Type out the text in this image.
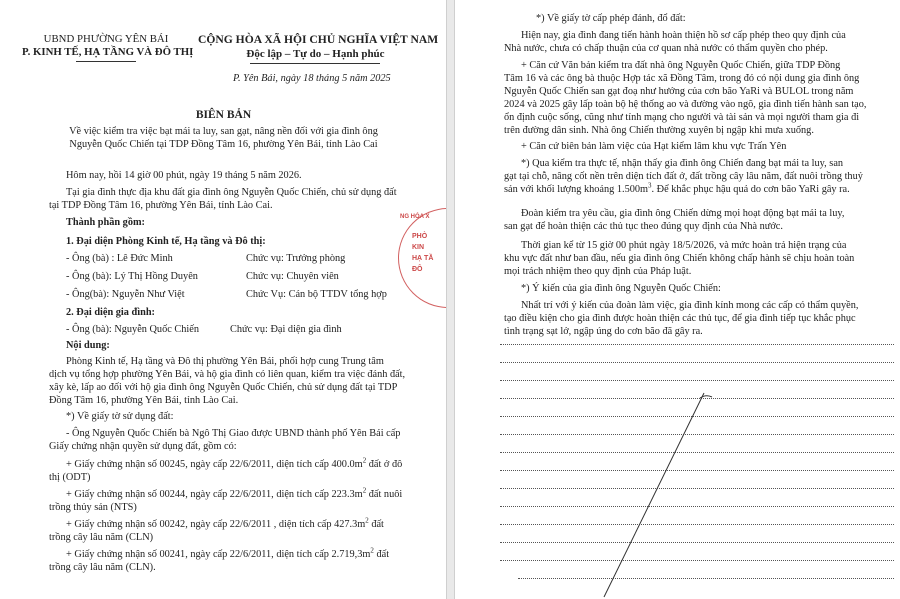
UBND PHƯỜNG YÊN BÁI
P. KINH TẾ, HẠ TẦNG VÀ ĐÔ THỊ
CỘNG HÒA XÃ HỘI CHỦ NGHĨA VIỆT NAM
Độc lập – Tự do – Hạnh phúc
P. Yên Bái, ngày 18 tháng 5 năm 2025
BIÊN BẢN
Về việc kiểm tra việc bạt mái ta luy, san gạt, nâng nền đối với gia đình ông
Nguyễn Quốc Chiến tại TDP Đồng Tâm 16, phường Yên Bái, tỉnh Lào Cai
Hôm nay, hồi 14 giờ 00 phút, ngày 19 tháng 5 năm 2026.
Tại gia đình thực địa khu đất gia đình ông Nguyễn Quốc Chiến, chủ sử dụng đất
tại TDP Đồng Tâm 16, phường Yên Bái, tỉnh Lào Cai.
Thành phần gồm:
1. Đại diện Phòng Kinh tế, Hạ tầng và Đô thị:
- Ông (bà) : Lê Đức Minh	Chức vụ: Trưởng phòng
- Ông (bà): Lý Thị Hồng Duyên	Chức vụ: Chuyên viên
- Ông(bà): Nguyễn Như Việt	Chức Vụ: Cán bộ TTDV tổng hợp
2. Đại diện gia đình:
- Ông (bà): Nguyễn Quốc Chiến	Chức vụ: Đại diện gia đình
Nội dung:
Phòng Kinh tế, Hạ tầng và Đô thị phường Yên Bái, phối hợp cung Trung tâm
dịch vụ tổng hợp phường Yên Bái, và hộ gia đình có liên quan, kiểm tra việc đánh đất,
xây kè, lấp ao đối với hộ gia đình ông Nguyễn Quốc Chiến, chủ sử dụng đất tại TDP
Đồng Tâm 16, phường Yên Bái, tỉnh Lào Cai.
*) Về giấy tờ sử dụng đất:
- Ông Nguyễn Quốc Chiến bà Ngô Thị Giao được UBND thành phố Yên Bái cấp
Giấy chứng nhận quyền sử dụng đất, gồm có:
+ Giấy chứng nhận số 00245, ngày cấp 22/6/2011, diện tích cấp $400.0m^2$ đất ở đô
thị (ODT)
+ Giấy chứng nhận số 00244, ngày cấp 22/6/2011, diện tích cấp $223.3m^2$ đất nuôi
trồng thủy sản (NTS)
+ Giấy chứng nhận số 00242, ngày cấp 22/6/2011 , diện tích cấp $427.3m^2$ đất
trồng cây lâu năm (CLN)
+ Giấy chứng nhận số 00241, ngày cấp 22/6/2011, diện tích cấp $2.719,3m^2$ đất
trồng cây lâu năm (CLN).
NG HÓA X
PHÒ
KIN
HẠ TẦ
ĐÔ
*) Về giấy tờ cấp phép đánh, đổ đất:
Hiện nay, gia đình đang tiến hành hoàn thiện hồ sơ cấp phép theo quy định của
Nhà nước, chưa có chấp thuận của cơ quan nhà nước có thẩm quyền cho phép.
+ Căn cứ Văn bản kiểm tra đất nhà ông Nguyễn Quốc Chiến, giữa TDP Đồng
Tâm 16 và các ông bà thuộc Hợp tác xã Đồng Tâm, trong đó có nội dung gia đình ông
Nguyễn Quốc Chiến san gạt đoạ như hướng của cơn bão YaRi và BULOL trong năm
2024 và 2025 gây lấp toàn bộ hệ thống ao và đường vào ngõ, gia đình tiến hành san tạo,
ổn định cuộc sống, cũng như tính mạng cho người và tài sản và mọi người tham gia đi
trên đường dân sinh. Nhà ông Chiến thường xuyên bị ngập khi mưa xuống.
+ Căn cứ biên bản làm việc của Hạt kiểm lâm khu vực Trấn Yên
*) Qua kiểm tra thực tế, nhận thấy gia đình ông Chiến đang bạt mái ta luy, san
gạt tại chỗ, nâng cốt nền trên diện tích đất ở, đất trồng cây lâu năm, đất nuôi trồng thuỷ
sản với khối lượng khoảng $1.500m^3$. Để khắc phục hậu quả do cơn bão YaRi gây ra.
Đoàn kiểm tra yêu cầu, gia đình ông Chiến dừng mọi hoạt động bạt mái ta luy,
san gạt để hoàn thiện các thủ tục theo đúng quy định của Nhà nước.
Thời gian kể từ 15 giờ 00 phút ngày 18/5/2026, và mức hoàn trả hiện trạng của
khu vực đất như ban đầu, nếu gia đình ông Chiến không chấp hành sẽ chịu hoàn toàn
mọi trách nhiệm theo quy định của Pháp luật.
*) Ý kiến của gia đình ông Nguyễn Quốc Chiến:
Nhất trí với ý kiến của đoàn làm việc, gia đình kính mong các cấp có thẩm quyền,
tạo điều kiện cho gia đình được hoàn thiện các thủ tục, để gia đình tiếp tục khắc phục
tình trạng sạt lở, ngập úng do cơn bão đã gây ra.
